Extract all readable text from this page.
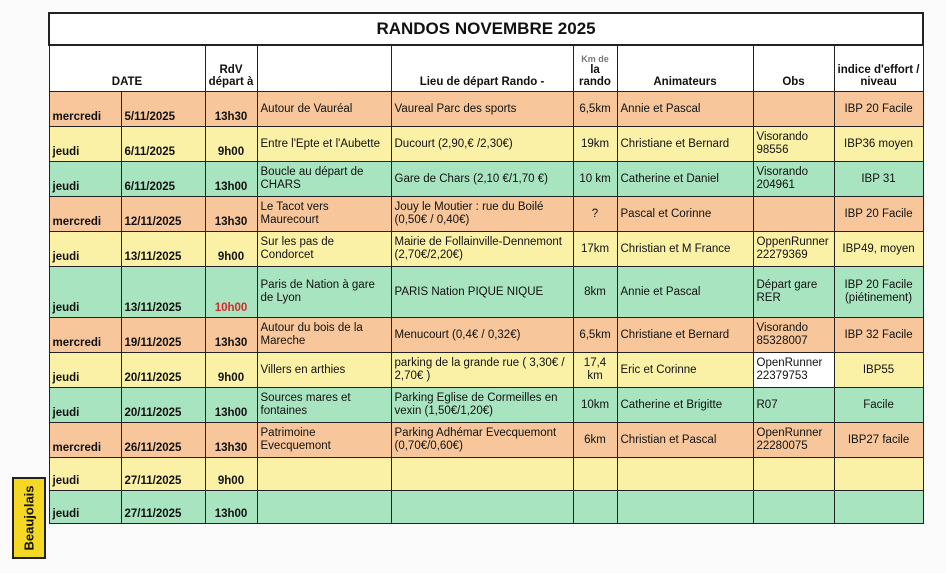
Beaujolais
RANDOS NOVEMBRE 2025								
DATE		RdV départ à		Lieu de départ Rando -	Km de
la rando	Animateurs	Obs	indice d'effort / niveau
mercredi	5/11/2025	13h30	Autour de Vauréal	Vaureal Parc des sports	6,5km	Annie et Pascal		IBP 20 Facile
jeudi	6/11/2025	9h00	Entre l'Epte et l'Aubette	Ducourt (2,90,€ /2,30€)	19km	Christiane et Bernard	Visorando 98556	IBP36 moyen
jeudi	6/11/2025	13h00	Boucle au départ de CHARS	Gare de Chars (2,10 €/1,70 €)	10 km	Catherine et Daniel	Visorando 204961	IBP 31
mercredi	12/11/2025	13h30	Le Tacot vers Maurecourt	Jouy le Moutier : rue du Boilé (0,50€ / 0,40€)	?	Pascal et Corinne		IBP 20 Facile
jeudi	13/11/2025	9h00	Sur les pas de Condorcet	Mairie de Follainville-Dennemont (2,70€/2,20€)	17km	Christian et M France	OppenRunner 22279369	IBP49, moyen
jeudi	13/11/2025	10h00	Paris de Nation à gare de Lyon	PARIS Nation PIQUE NIQUE	8km	Annie et Pascal	Départ gare RER	IBP 20 Facile (piétinement)
mercredi	19/11/2025	13h30	Autour du bois de la Mareche	Menucourt (0,4€ / 0,32€)	6,5km	Christiane et Bernard	Visorando 85328007	IBP 32 Facile
jeudi	20/11/2025	9h00	Villers en arthies	parking de la grande rue ( 3,30€ / 2,70€ )	17,4 km	Eric et Corinne	OpenRunner 22379753	IBP55
jeudi	20/11/2025	13h00	Sources mares et fontaines	Parking Eglise de Cormeilles en vexin (1,50€/1,20€)	10km	Catherine et Brigitte	R07	Facile
mercredi	26/11/2025	13h30	Patrimoine Evecquemont	Parking Adhémar Evecquemont (0,70€/0,60€)	6km	Christian et Pascal	OpenRunner 22280075	IBP27 facile
jeudi	27/11/2025	9h00						
jeudi	27/11/2025	13h00						
